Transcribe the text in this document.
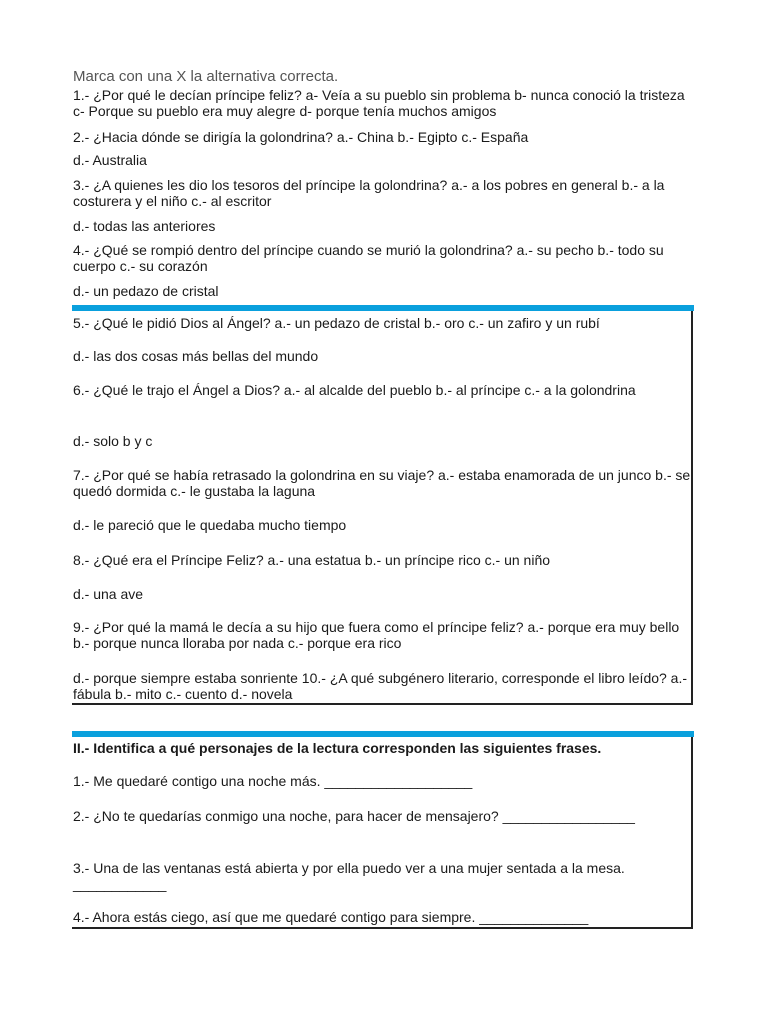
Marca con una X la alternativa correcta.

1.- ¿Por qué le decían príncipe feliz? a- Veía a su pueblo sin problema b- nunca conoció la tristeza c- Porque su pueblo era muy alegre d- porque tenía muchos amigos

2.- ¿Hacia dónde se dirigía la golondrina? a.- China b.- Egipto c.- España

d.- Australia

3.- ¿A quienes les dio los tesoros del príncipe la golondrina? a.- a los pobres en general b.- a la costurera y el niño c.- al escritor

d.- todas las anteriores

4.- ¿Qué se rompió dentro del príncipe cuando se murió la golondrina? a.- su pecho b.- todo su cuerpo c.- su corazón

d.- un pedazo de cristal

5.- ¿Qué le pidió Dios al Ángel? a.- un pedazo de cristal b.- oro c.- un zafiro y un rubí

d.- las dos cosas más bellas del mundo

6.- ¿Qué le trajo el Ángel a Dios? a.- al alcalde del pueblo b.- al príncipe c.- a la golondrina

d.- solo b y c

7.- ¿Por qué se había retrasado la golondrina en su viaje? a.- estaba enamorada de un junco b.- se quedó dormida c.- le gustaba la laguna

d.- le pareció que le quedaba mucho tiempo

8.- ¿Qué era el Príncipe Feliz? a.- una estatua b.- un príncipe rico c.- un niño

d.- una ave

9.- ¿Por qué la mamá le decía a su hijo que fuera como el príncipe feliz? a.- porque era muy bello b.- porque nunca lloraba por nada c.- porque era rico

d.- porque siempre estaba sonriente 10.- ¿A qué subgénero literario, corresponde el libro leído? a.- fábula b.- mito c.- cuento d.- novela

II.- Identifica a qué personajes de la lectura corresponden las siguientes frases.

1.- Me quedaré contigo una noche más. ___________________

2.- ¿No te quedarías conmigo una noche, para hacer de mensajero? _________________

3.- Una de las ventanas está abierta y por ella puedo ver a una mujer sentada a la mesa. ____________

4.- Ahora estás ciego, así que me quedaré contigo para siempre. ______________
